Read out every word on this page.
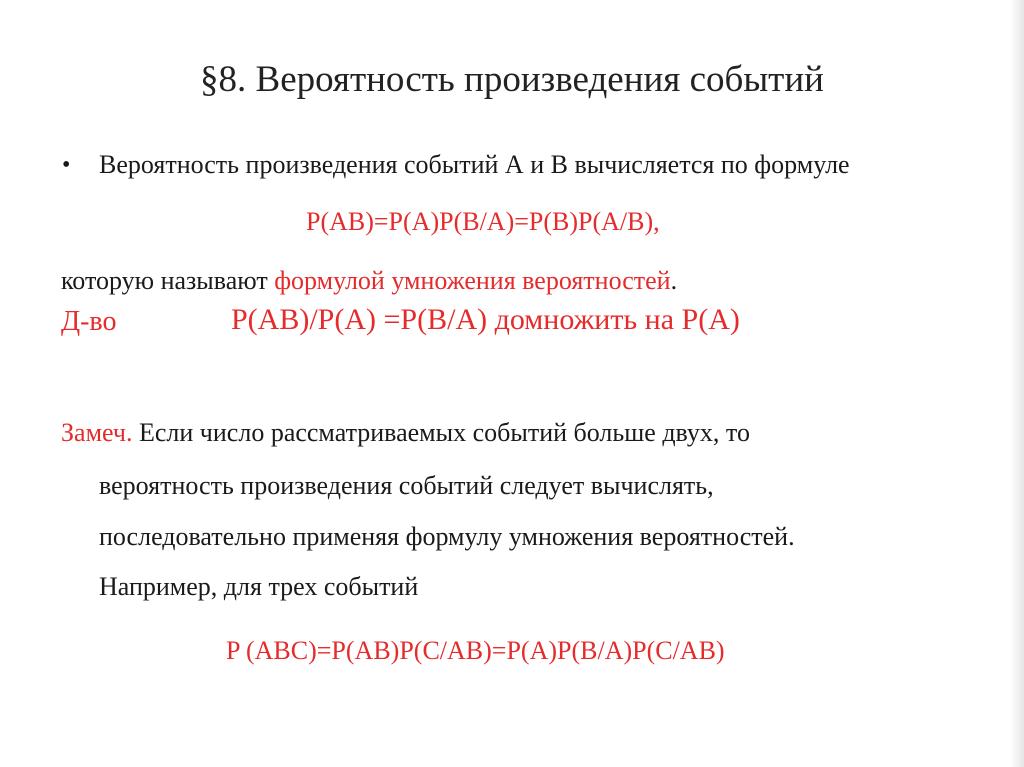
§8. Вероятность произведения событий
• Вероятность произведения событий А и В вычисляется по формуле
P(AB)=P(A)P(B/A)=P(B)P(A/B),
которую называют формулой умножения вероятностей.
Д-во	P(AB)/P(A) =P(B/A) домножить на P(A)
Замеч. Если число рассматриваемых событий больше двух, то
вероятность произведения событий следует вычислять,
последовательно применяя формулу умножения вероятностей.
Например, для трех событий
P (ABC)=P(AB)P(C/AB)=P(A)P(B/A)P(C/AB)
